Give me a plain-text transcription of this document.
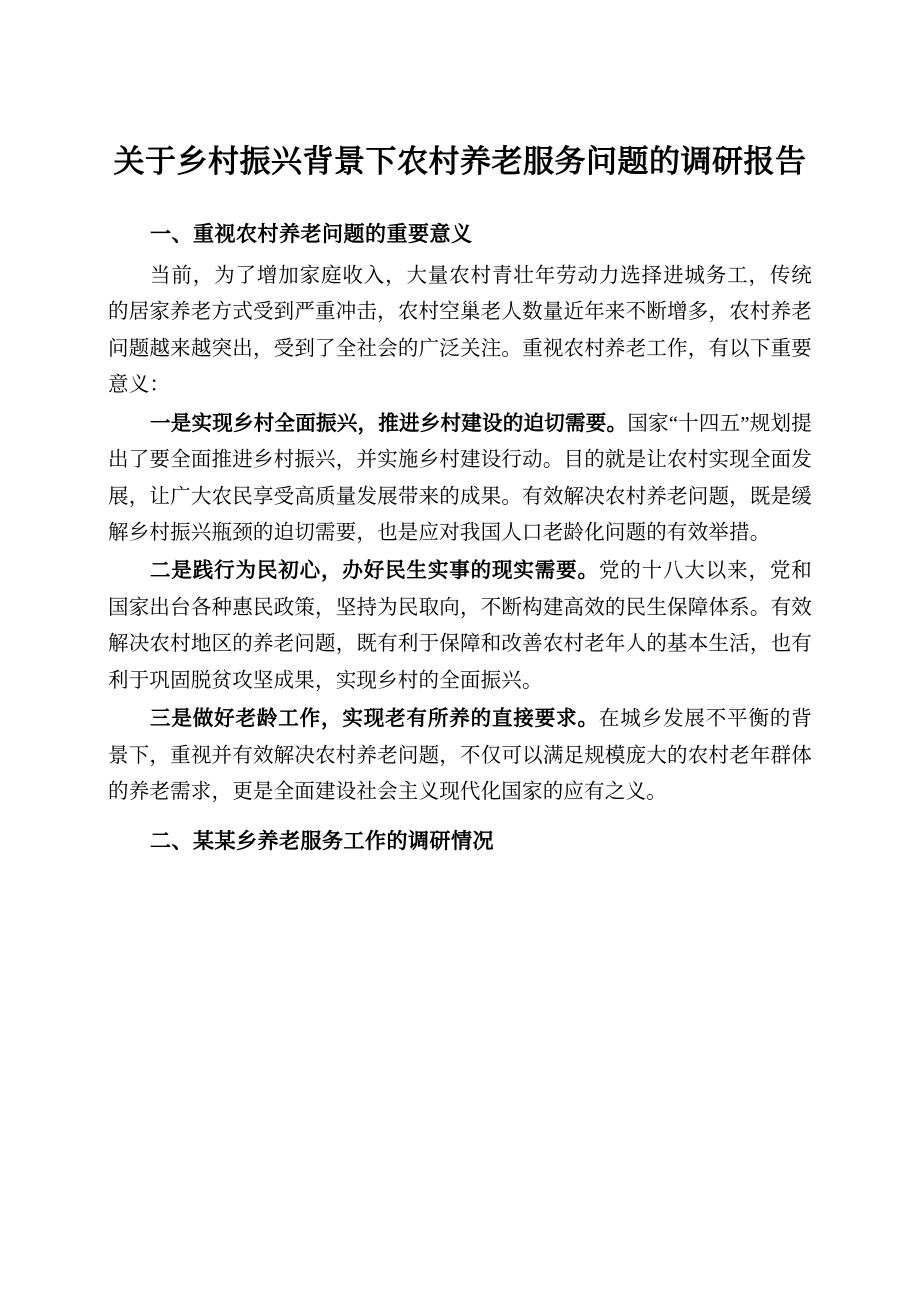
关于乡村振兴背景下农村养老服务问题的调研报告
一、重视农村养老问题的重要意义

当前，为了增加家庭收入，大量农村青壮年劳动力选择进城务工，传统的居家养老方式受到严重冲击，农村空巢老人数量近年来不断增多，农村养老问题越来越突出，受到了全社会的广泛关注。重视农村养老工作，有以下重要意义：

一是实现乡村全面振兴，推进乡村建设的迫切需要。国家“十四五”规划提出了要全面推进乡村振兴，并实施乡村建设行动。目的就是让农村实现全面发展，让广大农民享受高质量发展带来的成果。有效解决农村养老问题，既是缓解乡村振兴瓶颈的迫切需要，也是应对我国人口老龄化问题的有效举措。

二是践行为民初心，办好民生实事的现实需要。党的十八大以来，党和国家出台各种惠民政策，坚持为民取向，不断构建高效的民生保障体系。有效解决农村地区的养老问题，既有利于保障和改善农村老年人的基本生活，也有利于巩固脱贫攻坚成果，实现乡村的全面振兴。

三是做好老龄工作，实现老有所养的直接要求。在城乡发展不平衡的背景下，重视并有效解决农村养老问题，不仅可以满足规模庞大的农村老年群体的养老需求，更是全面建设社会主义现代化国家的应有之义。

二、某某乡养老服务工作的调研情况
